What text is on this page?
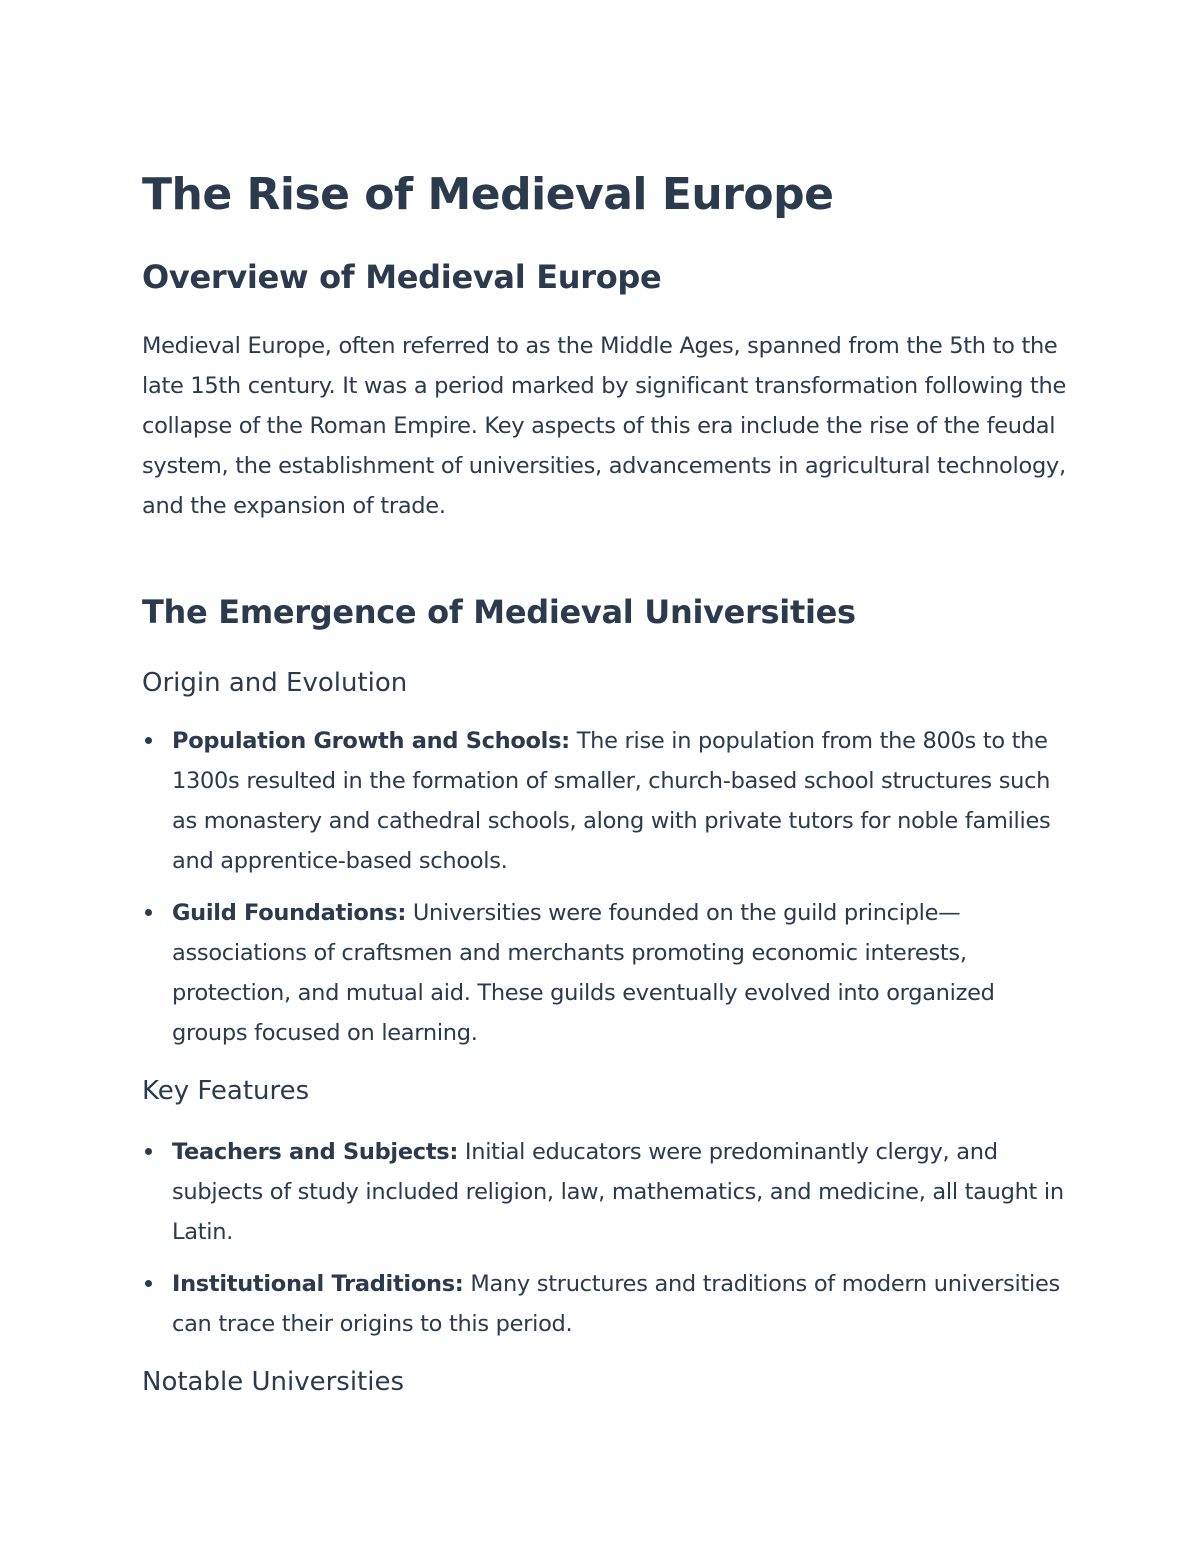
The Rise of Medieval Europe
Overview of Medieval Europe

Medieval Europe, often referred to as the Middle Ages, spanned from the 5th to the late 15th century. It was a period marked by significant transformation following the collapse of the Roman Empire. Key aspects of this era include the rise of the feudal system, the establishment of universities, advancements in agricultural technology, and the expansion of trade.

The Emergence of Medieval Universities
Origin and Evolution
Population Growth and Schools: The rise in population from the 800s to the 1300s resulted in the formation of smaller, church-based school structures such as monastery and cathedral schools, along with private tutors for noble families and apprentice-based schools.
Guild Foundations: Universities were founded on the guild principle—associations of craftsmen and merchants promoting economic interests, protection, and mutual aid. These guilds eventually evolved into organized groups focused on learning.
Key Features
Teachers and Subjects: Initial educators were predominantly clergy, and subjects of study included religion, law, mathematics, and medicine, all taught in Latin.
Institutional Traditions: Many structures and traditions of modern universities can trace their origins to this period.
Notable Universities
